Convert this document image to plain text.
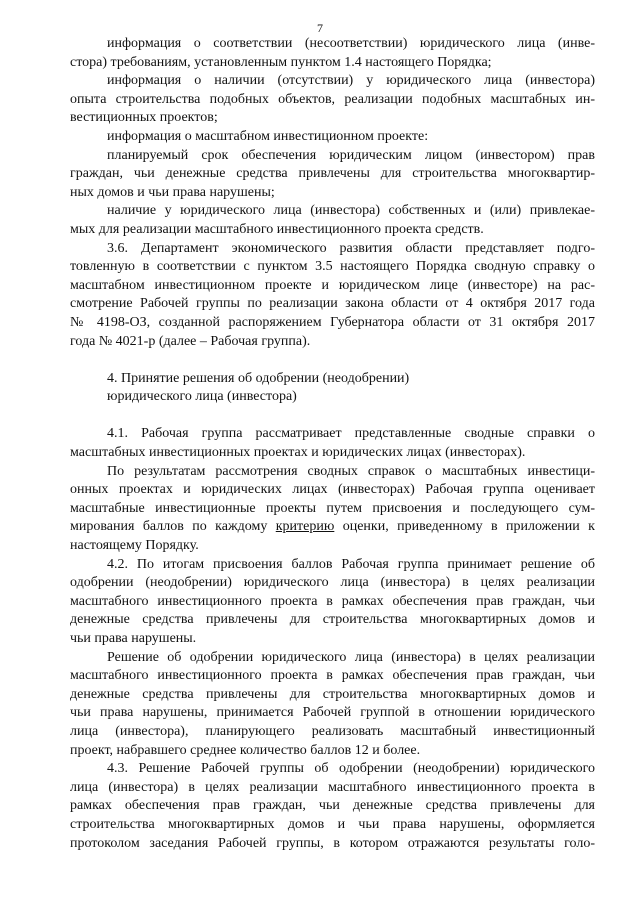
7
информация о соответствии (несоответствии) юридического лица (инве-
стора) требованиям, установленным пунктом 1.4 настоящего Порядка;
информация о наличии (отсутствии) у юридического лица (инвестора)
опыта строительства подобных объектов, реализации подобных масштабных ин-
вестиционных проектов;
информация о масштабном инвестиционном проекте:
планируемый срок обеспечения юридическим лицом (инвестором) прав
граждан, чьи денежные средства привлечены для строительства многоквартир-
ных домов и чьи права нарушены;
наличие у юридического лица (инвестора) собственных и (или) привлекае-
мых для реализации масштабного инвестиционного проекта средств.
3.6. Департамент экономического развития области представляет подго-
товленную в соответствии с пунктом 3.5 настоящего Порядка сводную справку о
масштабном инвестиционном проекте и юридическом лице (инвесторе) на рас-
смотрение Рабочей группы по реализации закона области от 4 октября 2017 года
№ 4198-ОЗ, созданной распоряжением Губернатора области от 31 октября 2017
года № 4021-р (далее – Рабочая группа).
4. Принятие решения об одобрении (неодобрении)
юридического лица (инвестора)
4.1. Рабочая группа рассматривает представленные сводные справки о
масштабных инвестиционных проектах и юридических лицах (инвесторах).
По результатам рассмотрения сводных справок о масштабных инвестици-
онных проектах и юридических лицах (инвесторах) Рабочая группа оценивает
масштабные инвестиционные проекты путем присвоения и последующего сум-
мирования баллов по каждому критерию оценки, приведенному в приложении к
настоящему Порядку.
4.2. По итогам присвоения баллов Рабочая группа принимает решение об
одобрении (неодобрении) юридического лица (инвестора) в целях реализации
масштабного инвестиционного проекта в рамках обеспечения прав граждан, чьи
денежные средства привлечены для строительства многоквартирных домов и
чьи права нарушены.
Решение об одобрении юридического лица (инвестора) в целях реализации
масштабного инвестиционного проекта в рамках обеспечения прав граждан, чьи
денежные средства привлечены для строительства многоквартирных домов и
чьи права нарушены, принимается Рабочей группой в отношении юридического
лица (инвестора), планирующего реализовать масштабный инвестиционный
проект, набравшего среднее количество баллов 12 и более.
4.3. Решение Рабочей группы об одобрении (неодобрении) юридического
лица (инвестора) в целях реализации масштабного инвестиционного проекта в
рамках обеспечения прав граждан, чьи денежные средства привлечены для
строительства многоквартирных домов и чьи права нарушены, оформляется
протоколом заседания Рабочей группы, в котором отражаются результаты голо-
